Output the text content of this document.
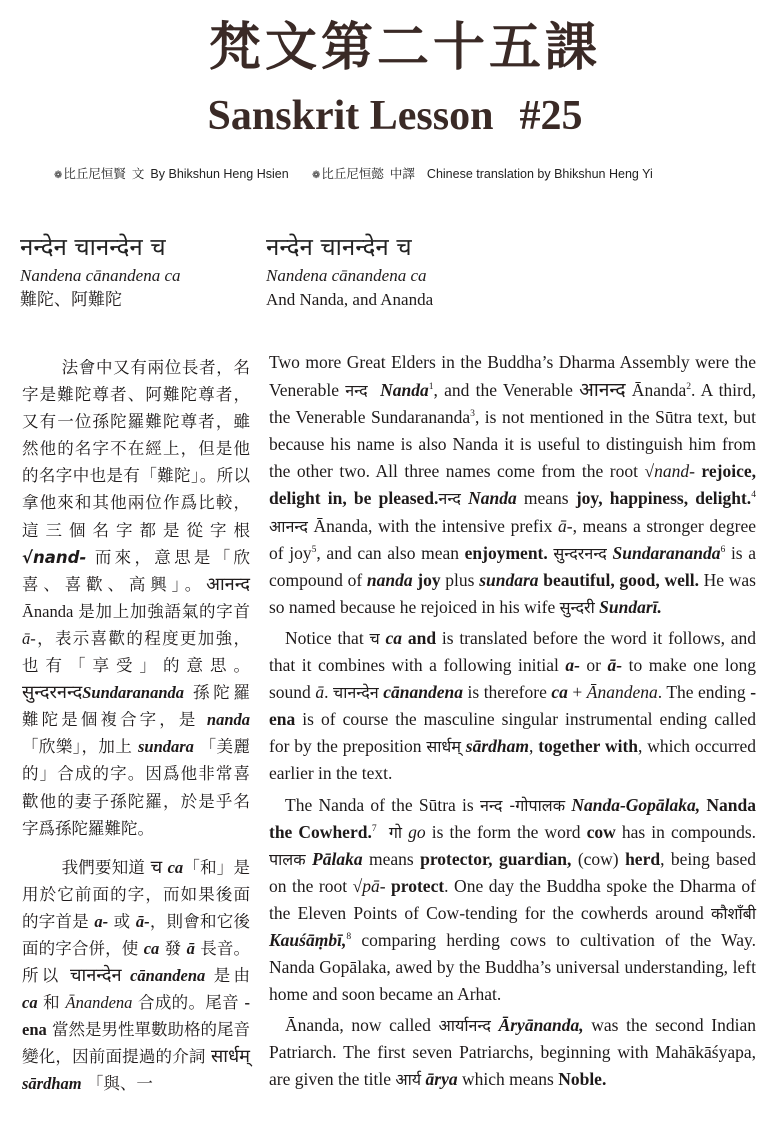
梵文第二十五課
Sanskrit Lesson #25
❁比丘尼恒賢 文 By Bhikshun Heng Hsien ❁比丘尼恒懿 中譯 Chinese translation by Bhikshun Heng Yi
नन्देन चानन्देन च
Nandena cānandena ca
難陀、阿難陀
नन्देन चानन्देन च
Nandena cānandena ca
And Nanda, and Ananda

法會中又有兩位長者，名字是難陀尊者、阿難陀尊者，又有一位孫陀羅難陀尊者，雖然他的名字不在經上，但是他的名字中也是有「難陀」。所以拿他來和其他兩位作爲比較，這三個名字都是從字根 √nand- 而來，意思是「欣喜、喜歡、高興」。आनन्द Ānanda 是加上加強語氣的字首 ā-，表示喜歡的程度更加強，也有「享受」的意思。सुन्दरनन्दSundarananda 孫陀羅難陀是個複合字，是 nanda「欣樂」，加上 sundara 「美麗的」合成的字。因爲他非常喜歡他的妻子孫陀羅，於是乎名字爲孫陀羅難陀。

我們要知道 च ca「和」是用於它前面的字，而如果後面的字首是 a- 或 ā-，則會和它後面的字合併，使 ca 發 ā 長音。所以 चानन्देन cānandena 是由 ca 和 Ānandena 合成的。尾音 -ena 當然是男性單數助格的尾音變化，因前面提過的介詞 सार्धम् sārdham 「與、一

Two more Great Elders in the Buddha’s Dharma Assembly were the Venerable नन्द Nanda$^1$, and the Venerable आनन्द Ānanda$^2$. A third, the Venerable Sundarananda$^3$, is not mentioned in the Sūtra text, but because his name is also Nanda it is useful to distinguish him from the other two. All three names come from the root √nand- rejoice, delight in, be pleased.नन्द Nanda means joy, happiness, delight.$^4$ आनन्द Ānanda, with the intensive prefix ā-, means a stronger degree of joy$^5$, and can also mean enjoyment. सुन्दरनन्द Sundarananda$^6$ is a compound of nanda joy plus sundara beautiful, good, well. He was so named because he rejoiced in his wife सुन्दरी Sundarī.

Notice that च ca and is translated before the word it follows, and that it combines with a following initial a- or ā- to make one long sound ā. चानन्देन cānandena is therefore ca + Ānandena. The ending -ena is of course the masculine singular instrumental ending called for by the preposition सार्धम् sārdham, together with, which occurred earlier in the text.

The Nanda of the Sūtra is नन्द -गोपालक Nanda-Gopālaka, Nanda the Cowherd.$^7$ गो go is the form the word cow has in compounds. पालक Pālaka means protector, guardian, (cow) herd, being based on the root √pā- protect. One day the Buddha spoke the Dharma of the Eleven Points of Cow-tending for the cowherds around कौशाँबी Kauśāṃbī,$^8$ comparing herding cows to cultivation of the Way. Nanda Gopālaka, awed by the Buddha’s universal understanding, left home and soon became an Arhat.

Ānanda, now called आर्यानन्द Āryānanda, was the second Indian Patriarch. The first seven Patriarchs, beginning with Mahākāśyapa, are given the title आर्य ārya which means Noble.
